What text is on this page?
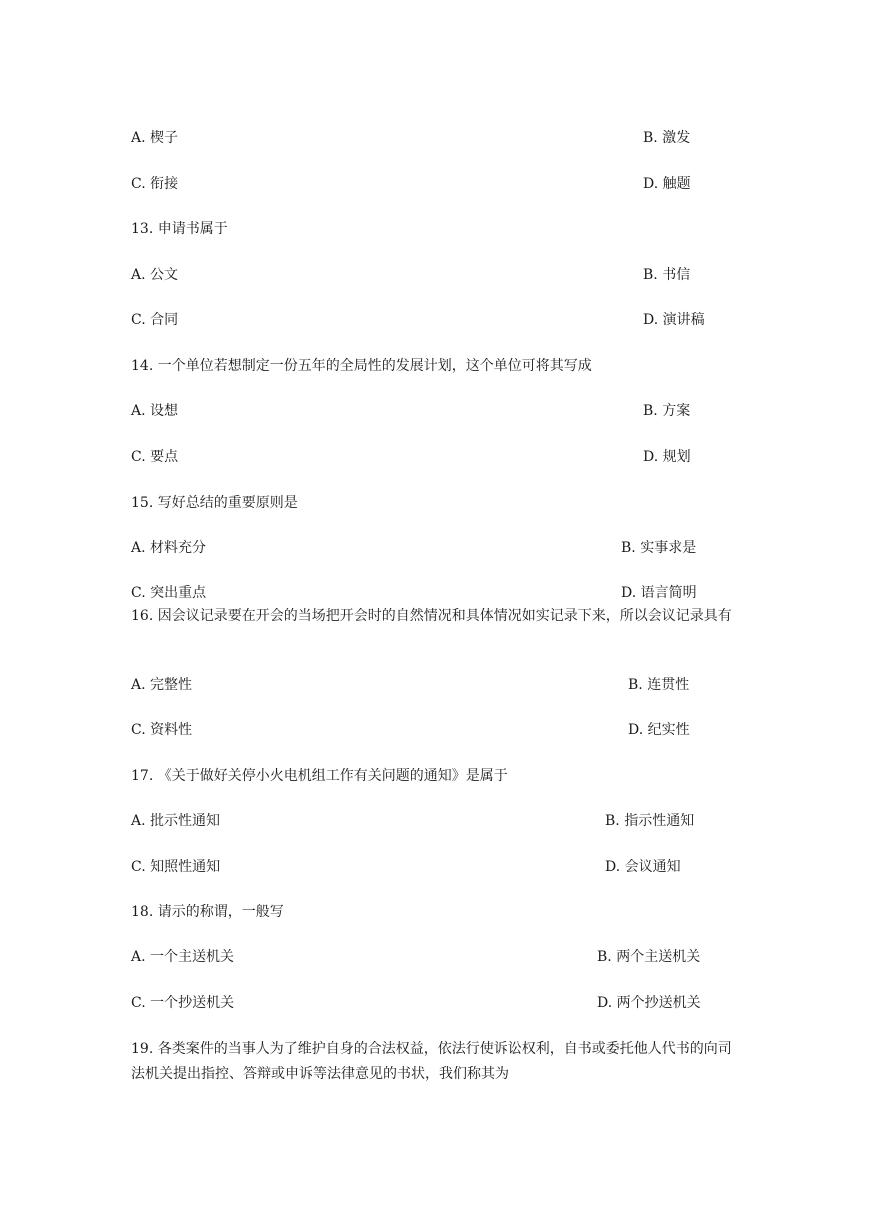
A. 楔子	B. 激发
C. 衔接	D. 触题
13. 申请书属于
A. 公文	B. 书信
C. 合同	D. 演讲稿
14. 一个单位若想制定一份五年的全局性的发展计划，这个单位可将其写成
A. 设想	B. 方案
C. 要点	D. 规划
15. 写好总结的重要原则是
A. 材料充分	B. 实事求是
C. 突出重点	D. 语言简明
16. 因会议记录要在开会的当场把开会时的自然情况和具体情况如实记录下来，所以会议记录具有
A. 完整性	B. 连贯性
C. 资料性	D. 纪实性
17. 《关于做好关停小火电机组工作有关问题的通知》是属于
A. 批示性通知	B. 指示性通知
C. 知照性通知	D. 会议通知
18. 请示的称谓，一般写
A. 一个主送机关	B. 两个主送机关
C. 一个抄送机关	D. 两个抄送机关
19. 各类案件的当事人为了维护自身的合法权益，依法行使诉讼权利，自书或委托他人代书的向司法机关提出指控、答辩或申诉等法律意见的书状，我们称其为
